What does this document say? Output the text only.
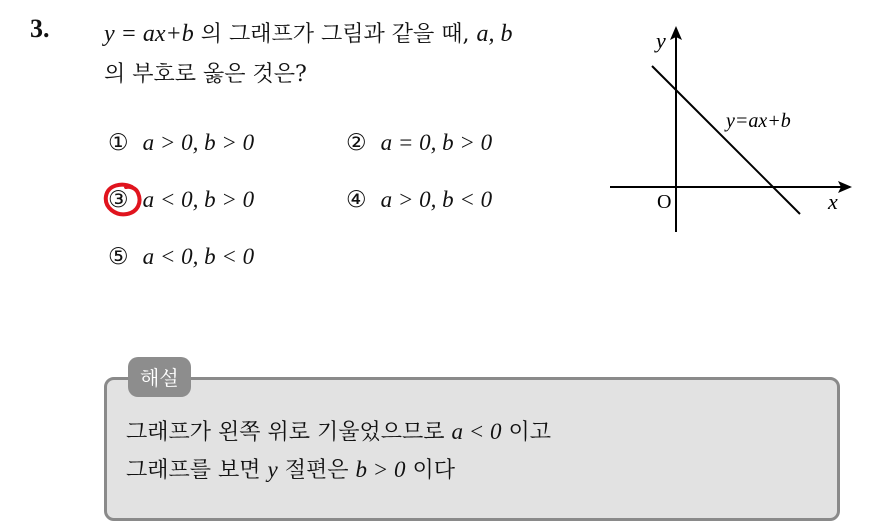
3. y = ax+b 의 그래프가 그림과 같을 때, a, b
의 부호로 옳은 것은?
① a > 0, b > 0	② a = 0, b > 0
③ a < 0, b > 0	④ a > 0, b < 0
⑤ a < 0, b < 0
y
x
O
y=ax+b
해설
그래프가 왼쪽 위로 기울었으므로 a < 0 이고
그래프를 보면 y 절편은 b > 0 이다
